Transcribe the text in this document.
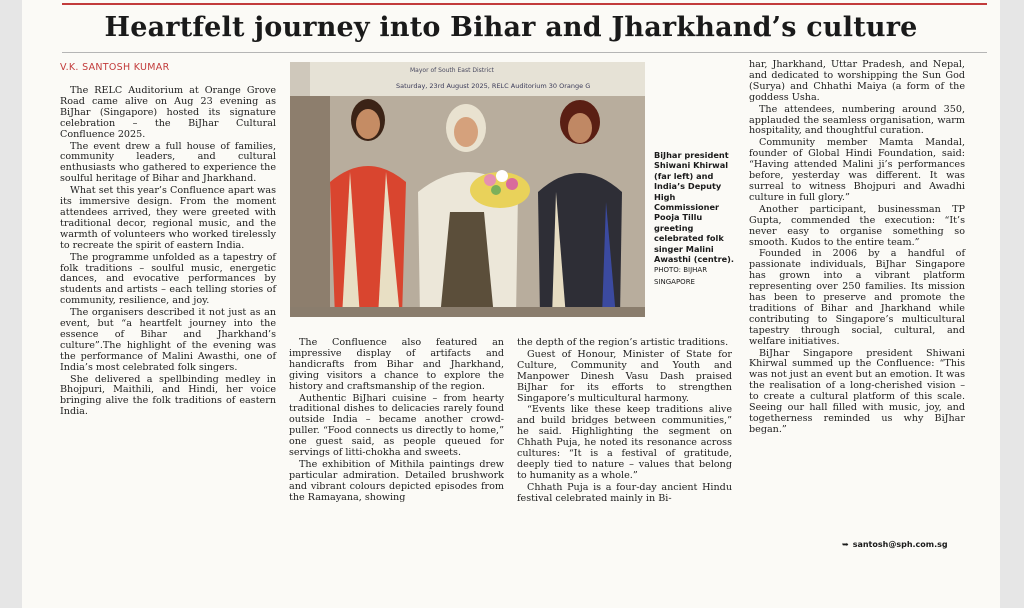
Heartfelt journey into Bihar and Jharkhand’s culture
V.K. SANTOSH KUMAR

The RELC Auditorium at Orange Grove Road came alive on Aug 23 evening as BiJhar (Singapore) hosted its signature celebration – the BiJhar Cultural Confluence 2025.

The event drew a full house of families, community leaders, and cultural enthusiasts who gathered to experience the soulful heritage of Bihar and Jharkhand.

What set this year’s Confluence apart was its immersive design. From the moment attendees arrived, they were greeted with traditional decor, regional music, and the warmth of volunteers who worked tirelessly to recreate the spirit of eastern India.

The programme unfolded as a tapestry of folk traditions – soulful music, energetic dances, and evocative performances by students and artists – each telling stories of community, resilience, and joy.

The organisers described it not just as an event, but “a heartfelt journey into the essence of Bihar and Jharkhand’s culture”.The highlight of the evening was the performance of Malini Awasthi, one of India’s most celebrated folk singers.

She delivered a spellbinding medley in Bhojpuri, Maithili, and Hindi, her voice bringing alive the folk traditions of eastern India.

Mayor of South East District
Saturday, 23rd August 2025, RELC Auditorium 30 Orange G
BiJhar president Shiwani Khirwal (far left) and India’s Deputy High Commissioner Pooja Tillu greeting celebrated folk singer Malini Awasthi (centre). PHOTO: BIJHAR SINGAPORE

The Confluence also featured an impressive display of artifacts and handicrafts from Bihar and Jharkhand, giving visitors a chance to explore the history and craftsmanship of the region.

Authentic BiJhari cuisine – from hearty traditional dishes to delicacies rarely found outside India – became another crowd-puller. “Food connects us directly to home,” one guest said, as people queued for servings of litti-chokha and sweets.

The exhibition of Mithila paintings drew particular admiration. Detailed brushwork and vibrant colours depicted episodes from the Ramayana, showing

the depth of the region’s artistic traditions.

Guest of Honour, Minister of State for Culture, Community and Youth and Manpower Dinesh Vasu Dash praised BiJhar for its efforts to strengthen Singapore’s multicultural harmony.

“Events like these keep traditions alive and build bridges between communities,” he said. Highlighting the segment on Chhath Puja, he noted its resonance across cultures: “It is a festival of gratitude, deeply tied to nature – values that belong to humanity as a whole.”

Chhath Puja is a four-day ancient Hindu festival celebrated mainly in Bi-

har, Jharkhand, Uttar Pradesh, and Nepal, and dedicated to worshipping the Sun God (Surya) and Chhathi Maiya (a form of the goddess Usha.

The attendees, numbering around 350, applauded the seamless organisation, warm hospitality, and thoughtful curation.

Community member Mamta Mandal, founder of Global Hindi Foundation, said: “Having attended Malini ji’s performances before, yesterday was different. It was surreal to witness Bhojpuri and Awadhi culture in full glory.”

Another participant, businessman TP Gupta, commended the execution: “It’s never easy to organise something so smooth. Kudos to the entire team.”

Founded in 2006 by a handful of passionate individuals, BiJhar Singapore has grown into a vibrant platform representing over 250 families. Its mission has been to preserve and promote the traditions of Bihar and Jharkhand while contributing to Singapore’s multicultural tapestry through social, cultural, and welfare initiatives.

BiJhar Singapore president Shiwani Khirwal summed up the Confluence: “This was not just an event but an emotion. It was the realisation of a long-cherished vision – to create a cultural platform of this scale. Seeing our hall filled with music, joy, and togetherness reminded us why BiJhar began.”

➥ santosh@sph.com.sg
